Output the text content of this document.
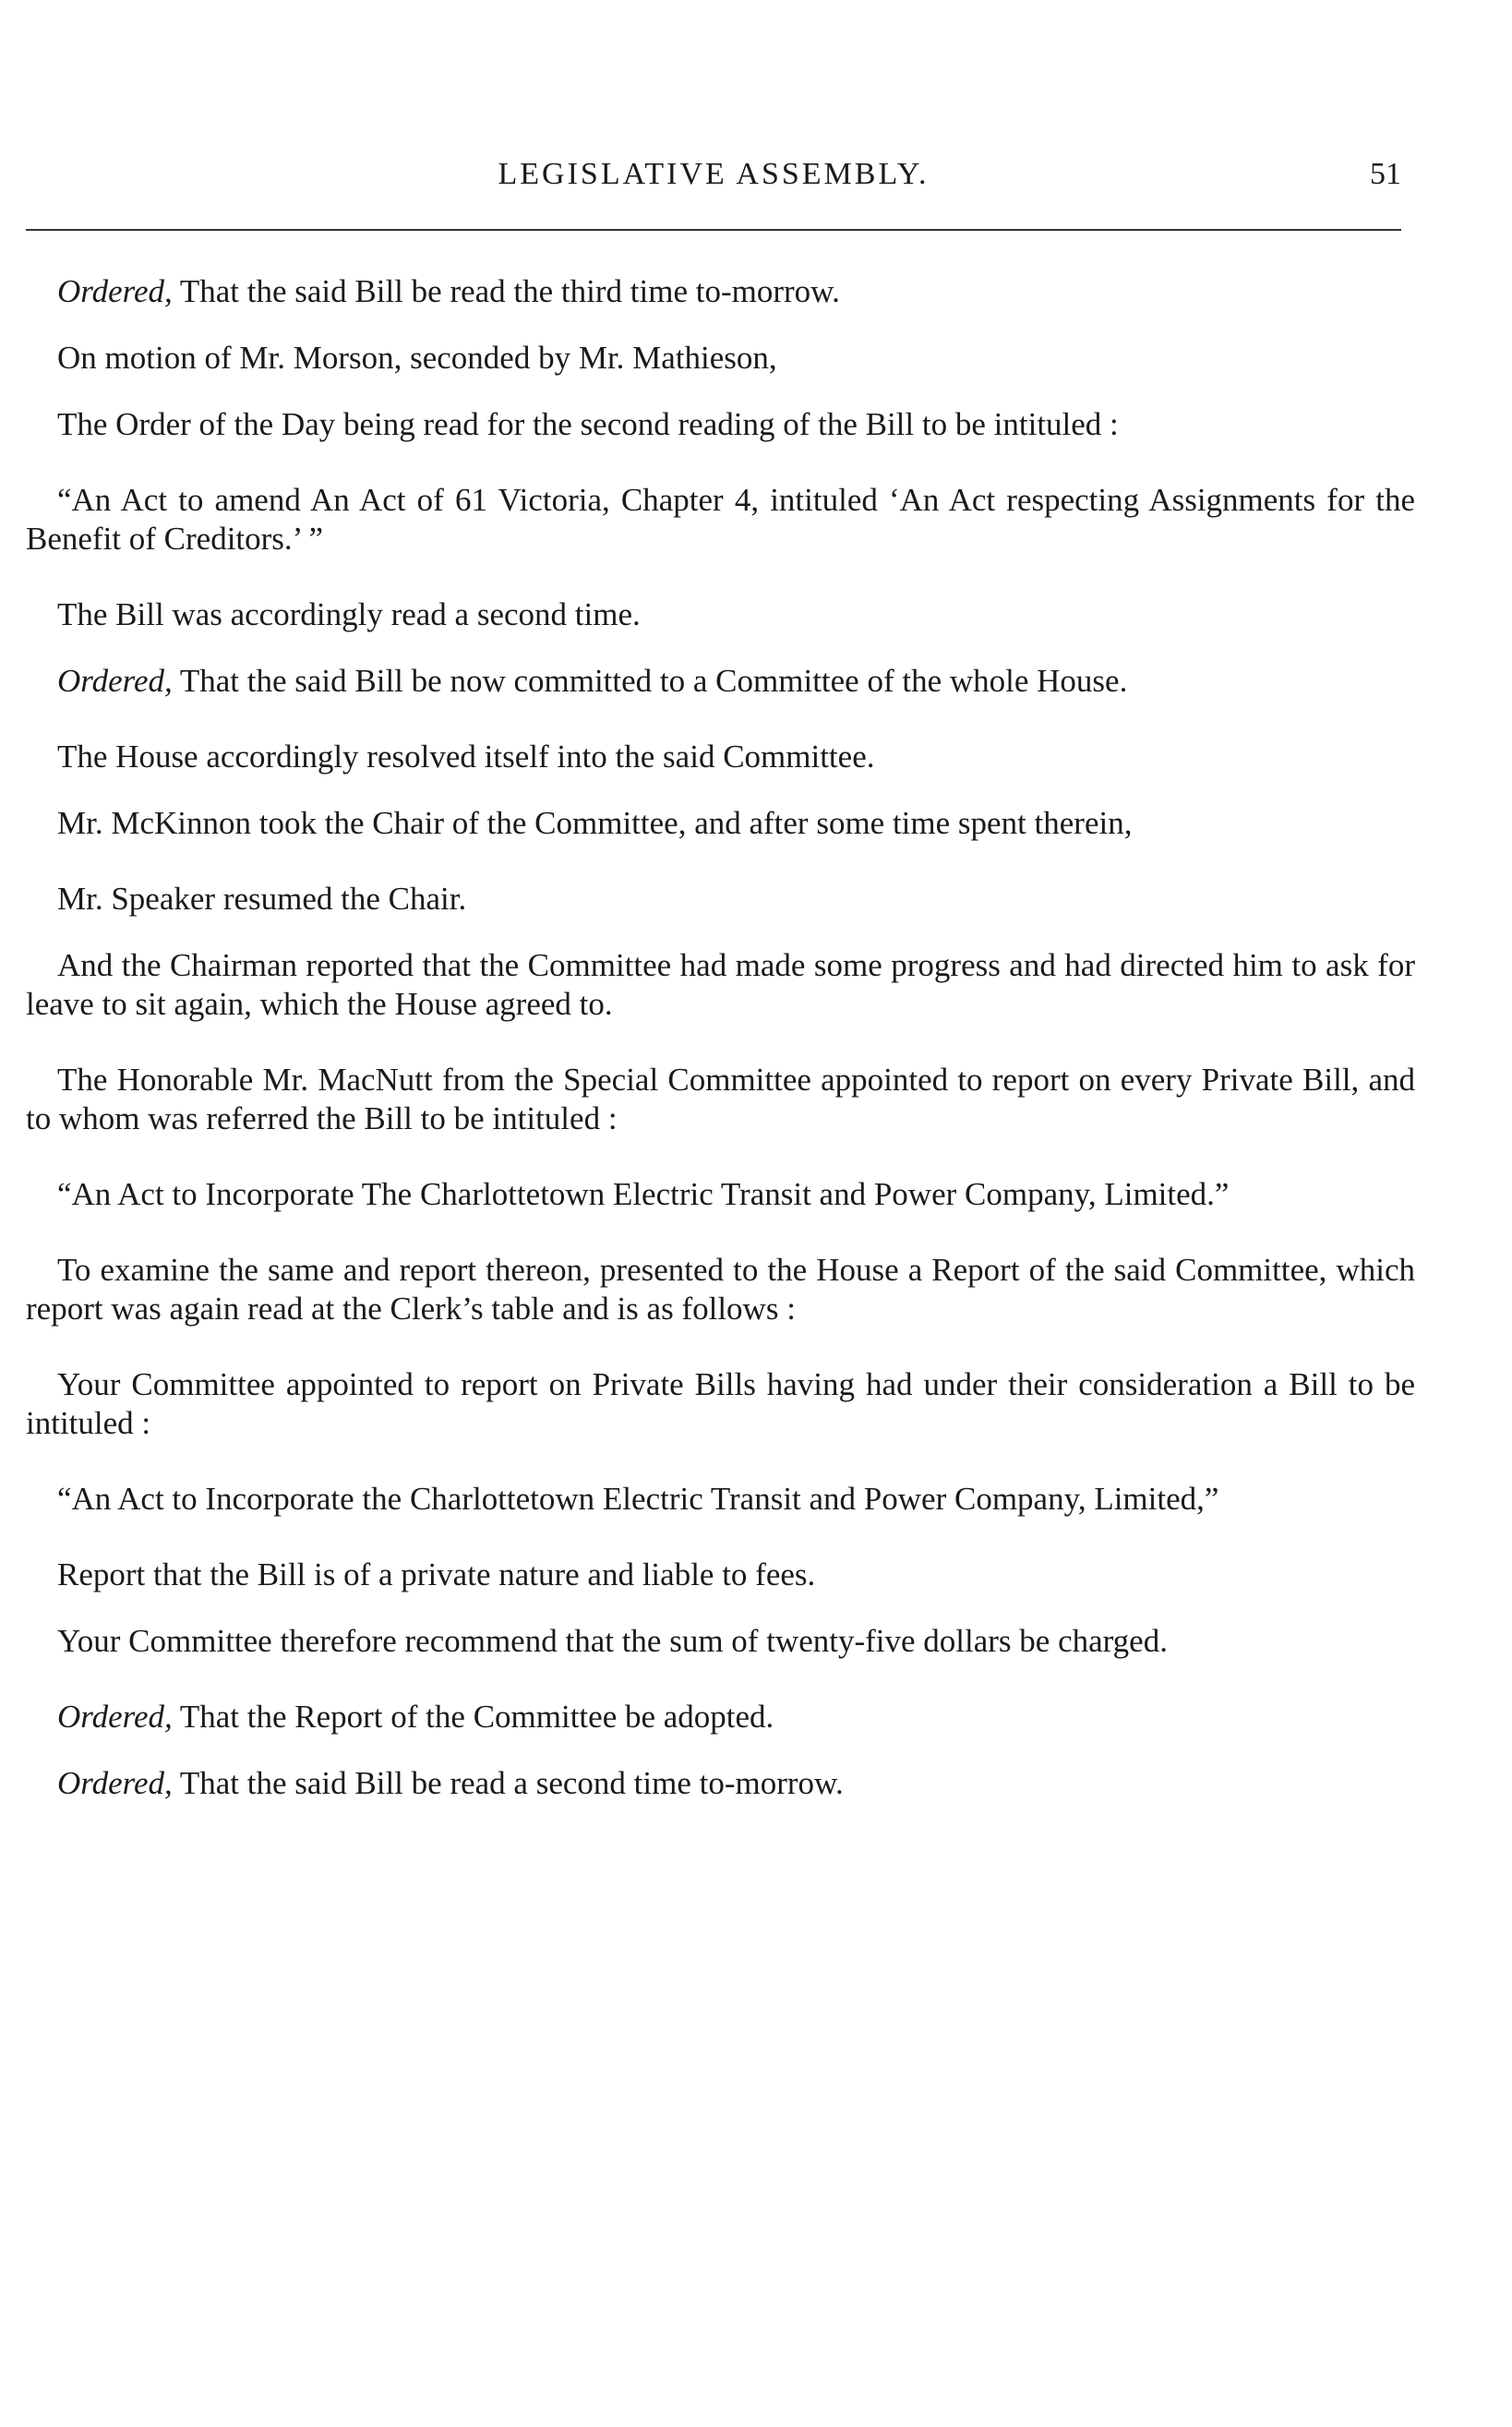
LEGISLATIVE ASSEMBLY.	51

Ordered, That the said Bill be read the third time to-morrow.

On motion of Mr. Morson, seconded by Mr. Mathieson,

The Order of the Day being read for the second reading of the Bill to be intituled :

“An Act to amend An Act of 61 Victoria, Chapter 4, intituled ‘An Act respecting Assignments for the Benefit of Creditors.’ ”

The Bill was accordingly read a second time.

Ordered, That the said Bill be now committed to a Committee of the whole House.

The House accordingly resolved itself into the said Committee.

Mr. McKinnon took the Chair of the Committee, and after some time spent therein,

Mr. Speaker resumed the Chair.

And the Chairman reported that the Committee had made some progress and had directed him to ask for leave to sit again, which the House agreed to.

The Honorable Mr. MacNutt from the Special Committee appointed to report on every Private Bill, and to whom was referred the Bill to be intituled :

“An Act to Incorporate The Charlottetown Electric Transit and Power Company, Limited.”

To examine the same and report thereon, presented to the House a Report of the said Committee, which report was again read at the Clerk’s table and is as follows :

Your Committee appointed to report on Private Bills having had under their consideration a Bill to be intituled :

“An Act to Incorporate the Charlottetown Electric Transit and Power Company, Limited,”

Report that the Bill is of a private nature and liable to fees.

Your Committee therefore recommend that the sum of twenty-five dollars be charged.

Ordered, That the Report of the Committee be adopted.

Ordered, That the said Bill be read a second time to-morrow.
